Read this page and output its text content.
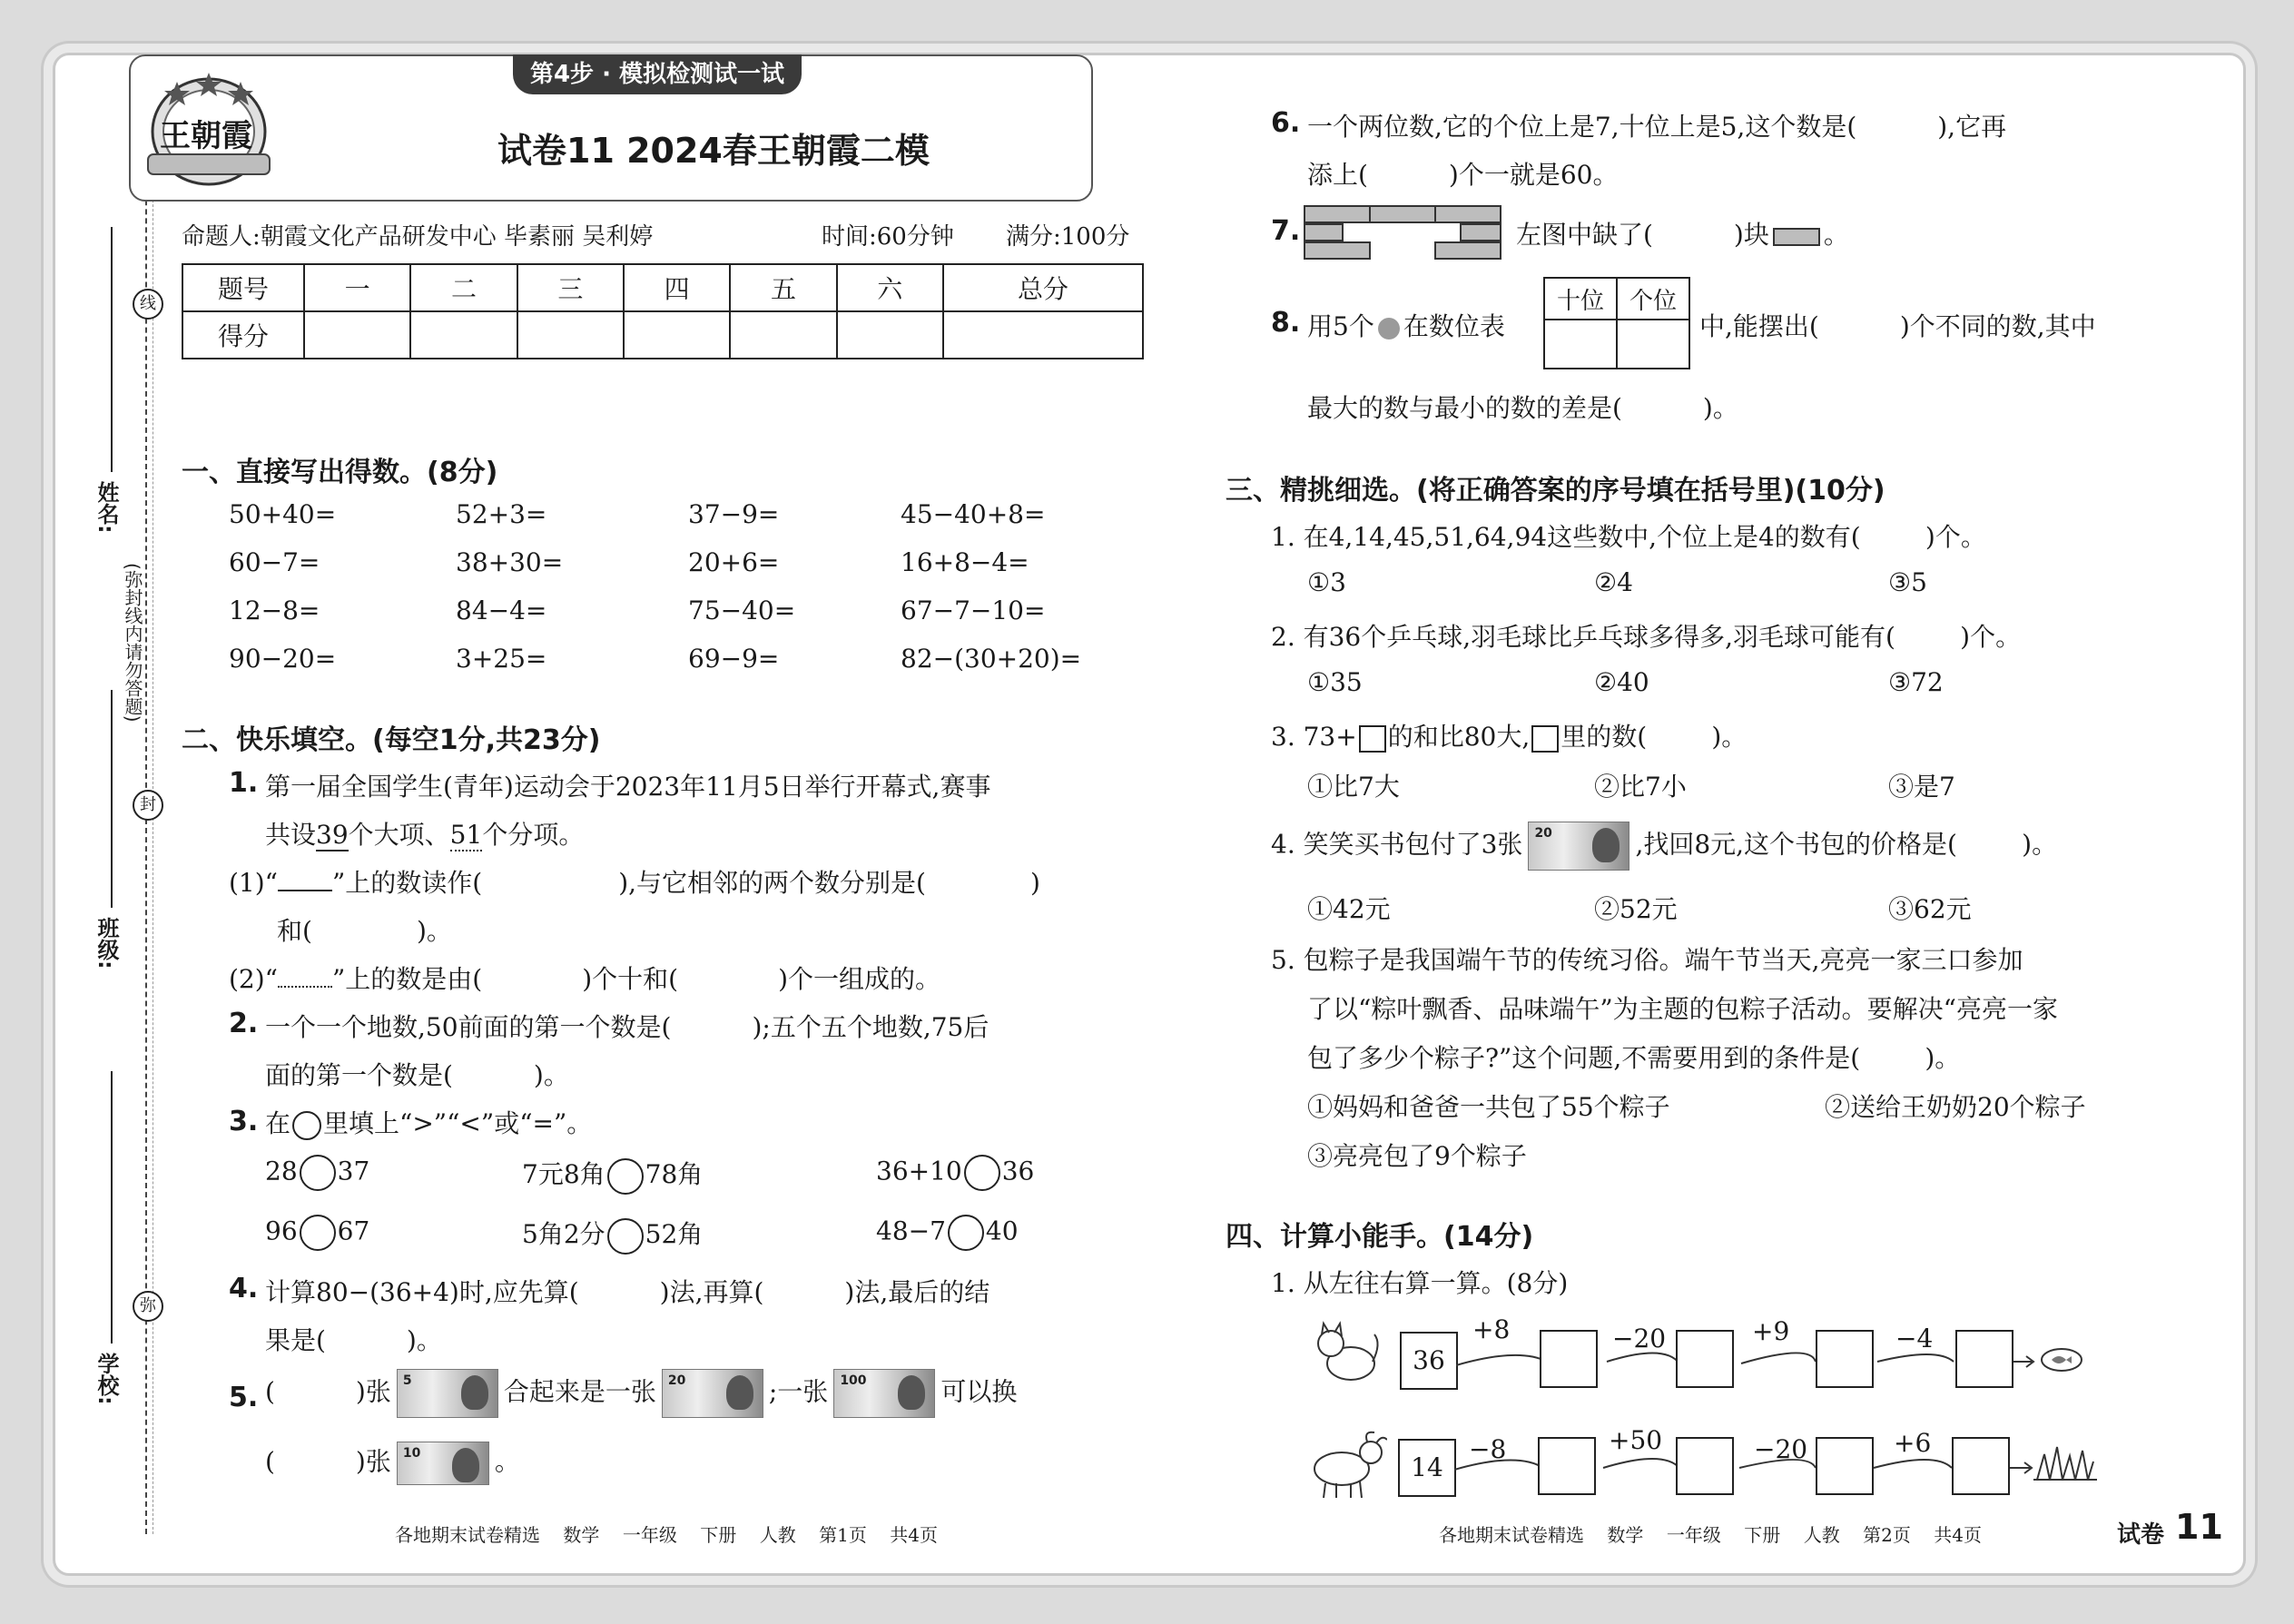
线
封
弥
(弥封线内请勿答题)
姓名:
班级:
学校:
第4步 · 模拟检测试一试
王朝霞	试卷11 2024春王朝霞二模
命题人:朝霞文化产品研发中心 毕素丽 吴利婷	时间:60分钟 满分:100分
题号	一	二	三	四	五	六	总分
得分							
一、直接写出得数。(8分)
50+40=	52+3=	37−9=	45−40+8=
60−7=	38+30=	20+6=	16+8−4=
12−8=	84−4=	75−40=	67−7−10=
90−20=	3+25=	69−9=	82−(30+20)=
二、快乐填空。(每空1分,共23分)
1. 第一届全国学生(青年)运动会于2023年11月5日举行开幕式,赛事
共设39个大项、51个分项。
(1)“ ”上的数读作(	),与它相邻的两个数分别是(	)
和(	)。
(2)“ ”上的数是由(	)个十和(	)个一组成的。
2. 一个一个地数,50前面的第一个数是(          );五个五个地数,75后
面的第一个数是(          )。
3. 在 里填上“>”“<”或“=”。
28 37	7元8角 78角	36+10 36
96 67	5角2分 52角	48−7 40
4. 计算80−(36+4)时,应先算(          )法,再算(          )法,最后的结
果是(          )。
5. (          )张 5	合起来是一张 20	;一张 100	可以换
(          )张 10	。
6. 一个两位数,它的个位上是7,十位上是5,这个数是(          ),它再
添上(          )个一就是60。
7.	左图中缺了(          )块 。
8. 用5个 在数位表
十位	个位

中,能摆出(          )个不同的数,其中
最大的数与最小的数的差是(          )。
三、精挑细选。(将正确答案的序号填在括号里)(10分)
1. 在4,14,45,51,64,94这些数中,个位上是4的数有(        )个。
①3	②4	③5
2. 有36个乒乓球,羽毛球比乒乓球多得多,羽毛球可能有(        )个。
①35	②40	③72
3. 73+ 的和比80大, 里的数(        )。
①比7大	②比7小	③是7
4. 笑笑买书包付了3张 20	,找回8元,这个书包的价格是(        )。
①42元	②52元	③62元
5. 包粽子是我国端午节的传统习俗。端午节当天,亮亮一家三口参加
了以“粽叶飘香、品味端午”为主题的包粽子活动。要解决“亮亮一家
包了多少个粽子?”这个问题,不需要用到的条件是(        )。
①妈妈和爸爸一共包了55个粽子	②送给王奶奶20个粽子
③亮亮包了9个粽子
四、计算小能手。(14分)
1. 从左往右算一算。(8分)
36
+8	−20	+9	−4
14
−8	+50	−20	+6
各地期末试卷精选    数学    一年级    下册    人教    第1页    共4页	各地期末试卷精选    数学    一年级    下册    人教    第2页    共4页	试卷 11
